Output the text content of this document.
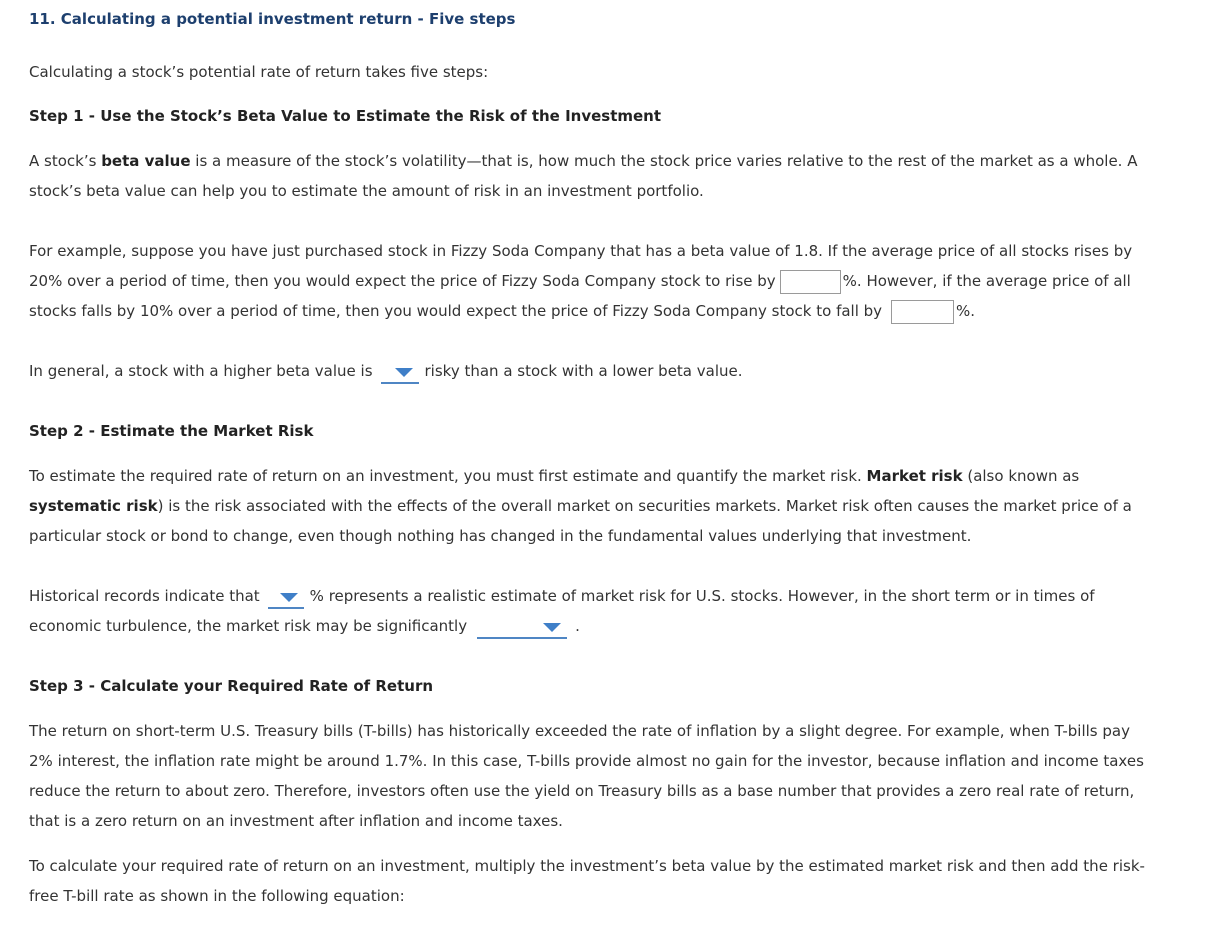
11. Calculating a potential investment return - Five steps
Calculating a stock’s potential rate of return takes five steps:
Step 1 - Use the Stock’s Beta Value to Estimate the Risk of the Investment
A stock’s beta value is a measure of the stock’s volatility—that is, how much the stock price varies relative to the rest of the market as a whole. A
stock’s beta value can help you to estimate the amount of risk in an investment portfolio.
For example, suppose you have just purchased stock in Fizzy Soda Company that has a beta value of 1.8. If the average price of all stocks rises by
20% over a period of time, then you would expect the price of Fizzy Soda Company stock to rise by	%. However, if the average price of all
stocks falls by 10% over a period of time, then you would expect the price of Fizzy Soda Company stock to fall by	%.
In general, a stock with a higher beta value is	risky than a stock with a lower beta value.
Step 2 - Estimate the Market Risk
To estimate the required rate of return on an investment, you must first estimate and quantify the market risk. Market risk (also known as
systematic risk) is the risk associated with the effects of the overall market on securities markets. Market risk often causes the market price of a
particular stock or bond to change, even though nothing has changed in the fundamental values underlying that investment.
Historical records indicate that	% represents a realistic estimate of market risk for U.S. stocks. However, in the short term or in times of
economic turbulence, the market risk may be significantly	.
Step 3 - Calculate your Required Rate of Return
The return on short-term U.S. Treasury bills (T-bills) has historically exceeded the rate of inflation by a slight degree. For example, when T-bills pay
2% interest, the inflation rate might be around 1.7%. In this case, T-bills provide almost no gain for the investor, because inflation and income taxes
reduce the return to about zero. Therefore, investors often use the yield on Treasury bills as a base number that provides a zero real rate of return,
that is a zero return on an investment after inflation and income taxes.
To calculate your required rate of return on an investment, multiply the investment’s beta value by the estimated market risk and then add the risk-
free T-bill rate as shown in the following equation:
